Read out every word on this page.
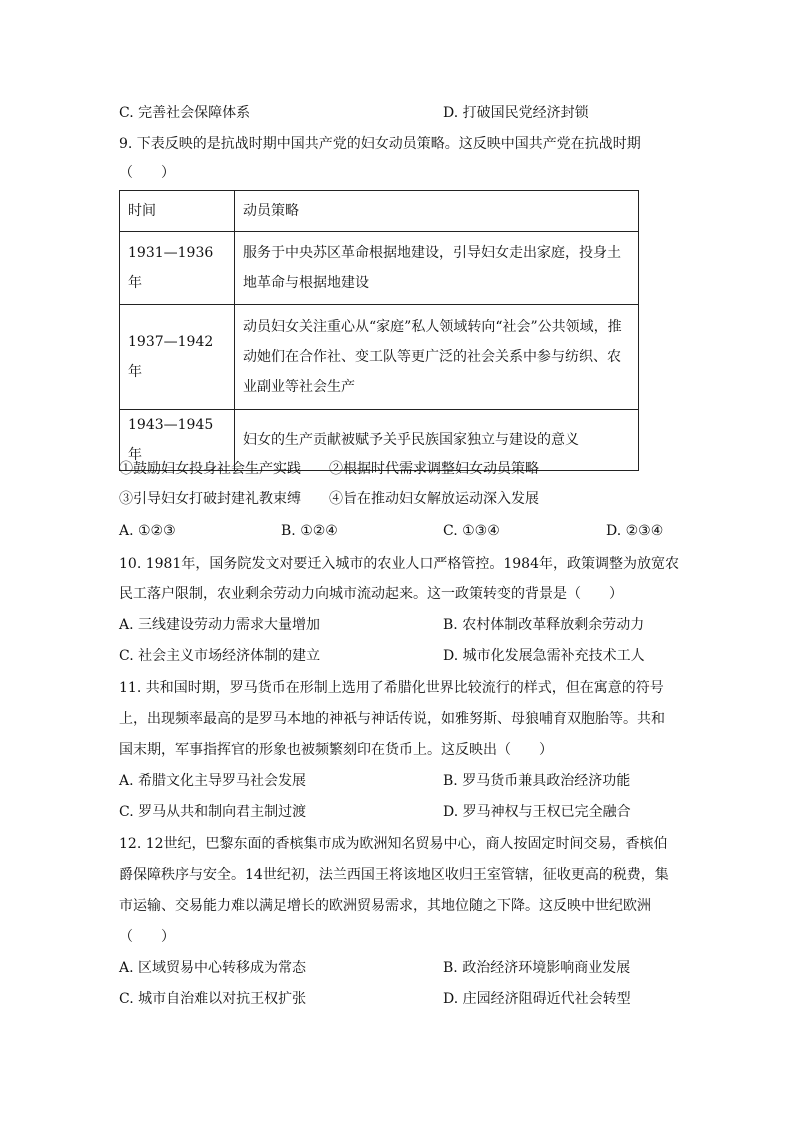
C. 完善社会保障体系	D. 打破国民党经济封锁
9. 下表反映的是抗战时期中国共产党的妇女动员策略。这反映中国共产党在抗战时期
（　　）
时间	动员策略
1931—1936年	服务于中央苏区革命根据地建设，引导妇女走出家庭，投身土地革命与根据地建设
1937—1942年	动员妇女关注重心从“家庭”私人领域转向“社会”公共领域，推动她们在合作社、变工队等更广泛的社会关系中参与纺织、农业副业等社会生产
1943—1945年	妇女的生产贡献被赋予关乎民族国家独立与建设的意义
①鼓励妇女投身社会生产实践　　②根据时代需求调整妇女动员策略
③引导妇女打破封建礼教束缚　　④旨在推动妇女解放运动深入发展
A. ①②③	B. ①②④	C. ①③④	D. ②③④
10. 1981年，国务院发文对要迁入城市的农业人口严格管控。1984年，政策调整为放宽农
民工落户限制，农业剩余劳动力向城市流动起来。这一政策转变的背景是（　　）
A. 三线建设劳动力需求大量增加	B. 农村体制改革释放剩余劳动力
C. 社会主义市场经济体制的建立	D. 城市化发展急需补充技术工人
11. 共和国时期，罗马货币在形制上选用了希腊化世界比较流行的样式，但在寓意的符号
上，出现频率最高的是罗马本地的神祇与神话传说，如雅努斯、母狼哺育双胞胎等。共和
国末期，军事指挥官的形象也被频繁刻印在货币上。这反映出（　　）
A. 希腊文化主导罗马社会发展	B. 罗马货币兼具政治经济功能
C. 罗马从共和制向君主制过渡	D. 罗马神权与王权已完全融合
12. 12世纪，巴黎东面的香槟集市成为欧洲知名贸易中心，商人按固定时间交易，香槟伯
爵保障秩序与安全。14世纪初，法兰西国王将该地区收归王室管辖，征收更高的税费，集
市运输、交易能力难以满足增长的欧洲贸易需求，其地位随之下降。这反映中世纪欧洲
（　　）
A. 区域贸易中心转移成为常态	B. 政治经济环境影响商业发展
C. 城市自治难以对抗王权扩张	D. 庄园经济阻碍近代社会转型
